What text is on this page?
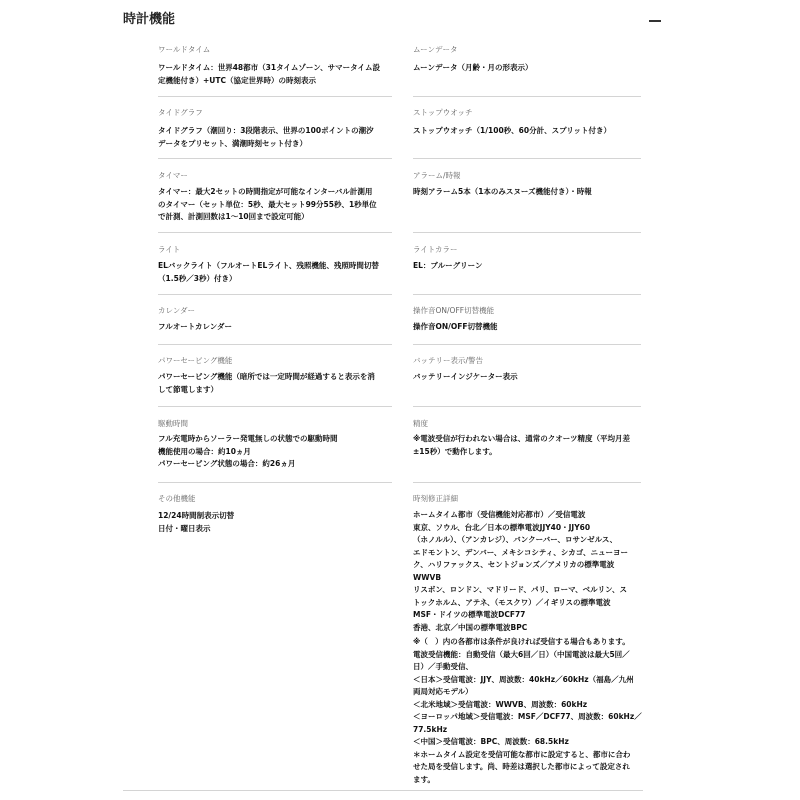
時計機能
ワールドタイム
ワールドタイム：世界48都市（31タイムゾーン、サマータイム設
定機能付き）+UTC（協定世界時）の時刻表示
ムーンデータ
ムーンデータ（月齢・月の形表示）
タイドグラフ
タイドグラフ（潮回り：3段階表示、世界の100ポイントの潮汐
データをプリセット、満潮時刻セット付き）
ストップウオッチ
ストップウオッチ（1/100秒、60分計、スプリット付き）
タイマー
タイマー：最大2セットの時間指定が可能なインターバル計測用
のタイマー（セット単位：5秒、最大セット99分55秒、1秒単位
で計測、計測回数は1〜10回まで設定可能）
アラーム/時報
時刻アラーム5本（1本のみスヌーズ機能付き）・時報
ライト
ELバックライト（フルオートELライト、残照機能、残照時間切替
（1.5秒／3秒）付き）
ライトカラー
EL：ブルーグリーン
カレンダー
フルオートカレンダー
操作音ON/OFF切替機能
操作音ON/OFF切替機能
パワーセービング機能
パワーセービング機能（暗所では一定時間が経過すると表示を消
して節電します）
バッテリー表示/警告
バッテリーインジケーター表示
駆動時間
フル充電時からソーラー発電無しの状態での駆動時間
機能使用の場合：約10ヵ月
パワーセービング状態の場合：約26ヵ月
精度
※電波受信が行われない場合は、通常のクオーツ精度（平均月差
±15秒）で動作します。
その他機能
12/24時間制表示切替
日付・曜日表示
時刻修正詳細
ホームタイム都市（受信機能対応都市）／受信電波
東京、ソウル、台北／日本の標準電波JJY40・JJY60
（ホノルル）、（アンカレジ）、バンクーバー、ロサンゼルス、
エドモントン、デンバー、メキシコシティ、シカゴ、ニューヨー
ク、ハリファックス、セントジョンズ／アメリカの標準電波
WWVB
リスボン、ロンドン、マドリード、パリ、ローマ、ベルリン、ス
トックホルム、アテネ、（モスクワ）／イギリスの標準電波
MSF・ドイツの標準電波DCF77
香港、北京／中国の標準電波BPC
※（　）内の各都市は条件が良ければ受信する場合もあります。
電波受信機能：自動受信（最大6回／日）（中国電波は最大5回／
日）／手動受信、
＜日本＞受信電波：JJY、周波数：40kHz／60kHz（福島／九州
両局対応モデル）
＜北米地域＞受信電波：WWVB、周波数：60kHz
＜ヨーロッパ地域＞受信電波：MSF／DCF77、周波数：60kHz／
77.5kHz
＜中国＞受信電波：BPC、周波数：68.5kHz
＊ホームタイム設定を受信可能な都市に設定すると、都市に合わ
せた局を受信します。尚、時差は選択した都市によって設定され
ます。
